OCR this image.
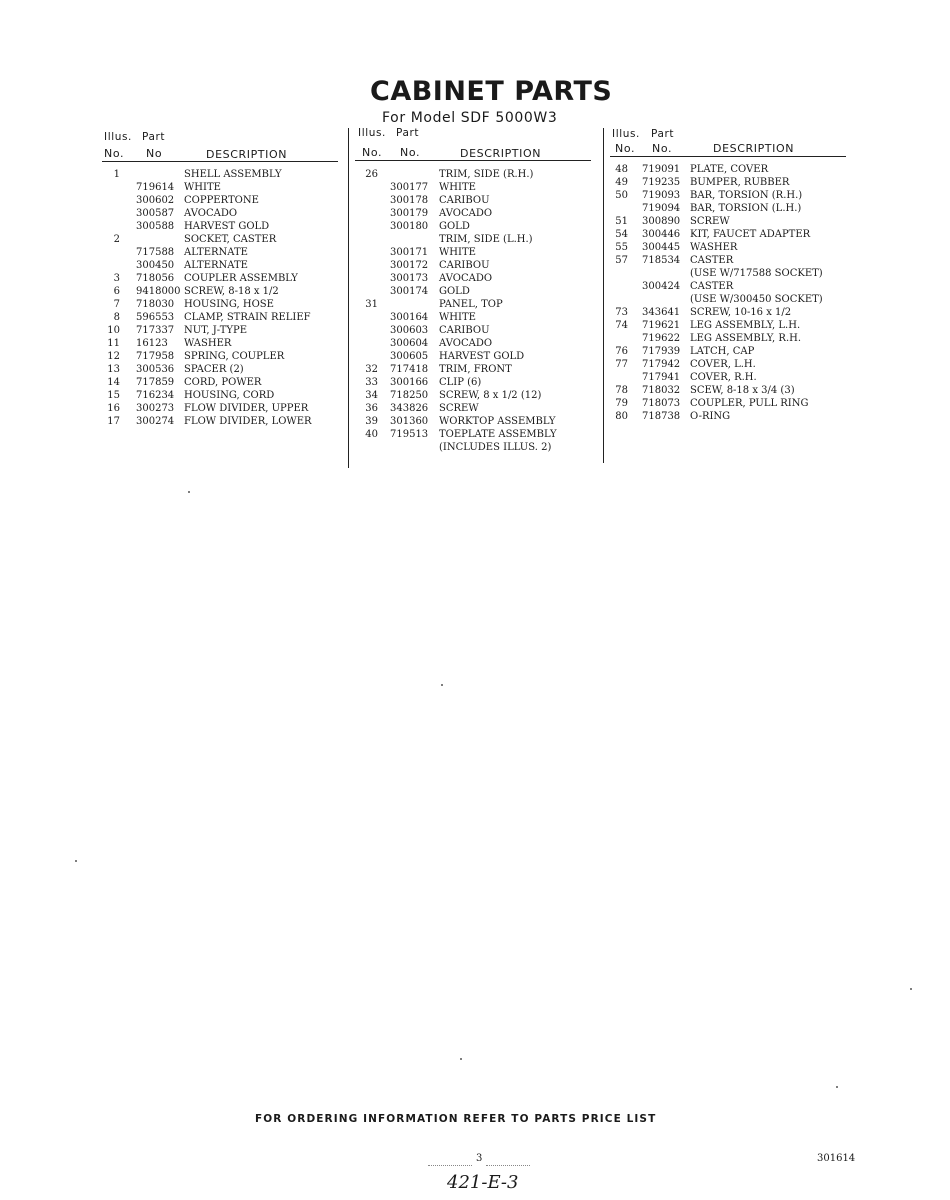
CABINET PARTS
For Model SDF 5000W3
Illus. Part
No. No	DESCRIPTION
Illus. Part
No. No.	DESCRIPTION
Illus. Part
No. No.	DESCRIPTION
1	SHELL ASSEMBLY
719614 WHITE
300602 COPPERTONE
300587 AVOCADO
300588 HARVEST GOLD
2	SOCKET, CASTER
717588 ALTERNATE
300450 ALTERNATE
3 718056 COUPLER ASSEMBLY
6 9418000 SCREW, 8-18 x 1/2
7 718030 HOUSING, HOSE
8 596553 CLAMP, STRAIN RELIEF
10 717337 NUT, J-TYPE
11 16123 WASHER
12 717958 SPRING, COUPLER
13 300536 SPACER (2)
14 717859 CORD, POWER
15 716234 HOUSING, CORD
16 300273 FLOW DIVIDER, UPPER
17 300274 FLOW DIVIDER, LOWER
26	TRIM, SIDE (R.H.)
300177 WHITE
300178 CARIBOU
300179 AVOCADO
300180 GOLD
TRIM, SIDE (L.H.)
300171 WHITE
300172 CARIBOU
300173 AVOCADO
300174 GOLD
31	PANEL, TOP
300164 WHITE
300603 CARIBOU
300604 AVOCADO
300605 HARVEST GOLD
32 717418 TRIM, FRONT
33 300166 CLIP (6)
34 718250 SCREW, 8 x 1/2 (12)
36 343826 SCREW
39 301360 WORKTOP ASSEMBLY
40 719513 TOEPLATE ASSEMBLY
(INCLUDES ILLUS. 2)
48 719091 PLATE, COVER
49 719235 BUMPER, RUBBER
50 719093 BAR, TORSION (R.H.)
719094 BAR, TORSION (L.H.)
51 300890 SCREW
54 300446 KIT, FAUCET ADAPTER
55 300445 WASHER
57 718534 CASTER
(USE W/717588 SOCKET)
300424 CASTER
(USE W/300450 SOCKET)
73 343641 SCREW, 10-16 x 1/2
74 719621 LEG ASSEMBLY, L.H.
719622 LEG ASSEMBLY, R.H.
76 717939 LATCH, CAP
77 717942 COVER, L.H.
717941 COVER, R.H.
78 718032 SCEW, 8-18 x 3/4 (3)
79 718073 COUPLER, PULL RING
80 718738 O-RING
FOR ORDERING INFORMATION REFER TO PARTS PRICE LIST
3	301614
421-E-3
